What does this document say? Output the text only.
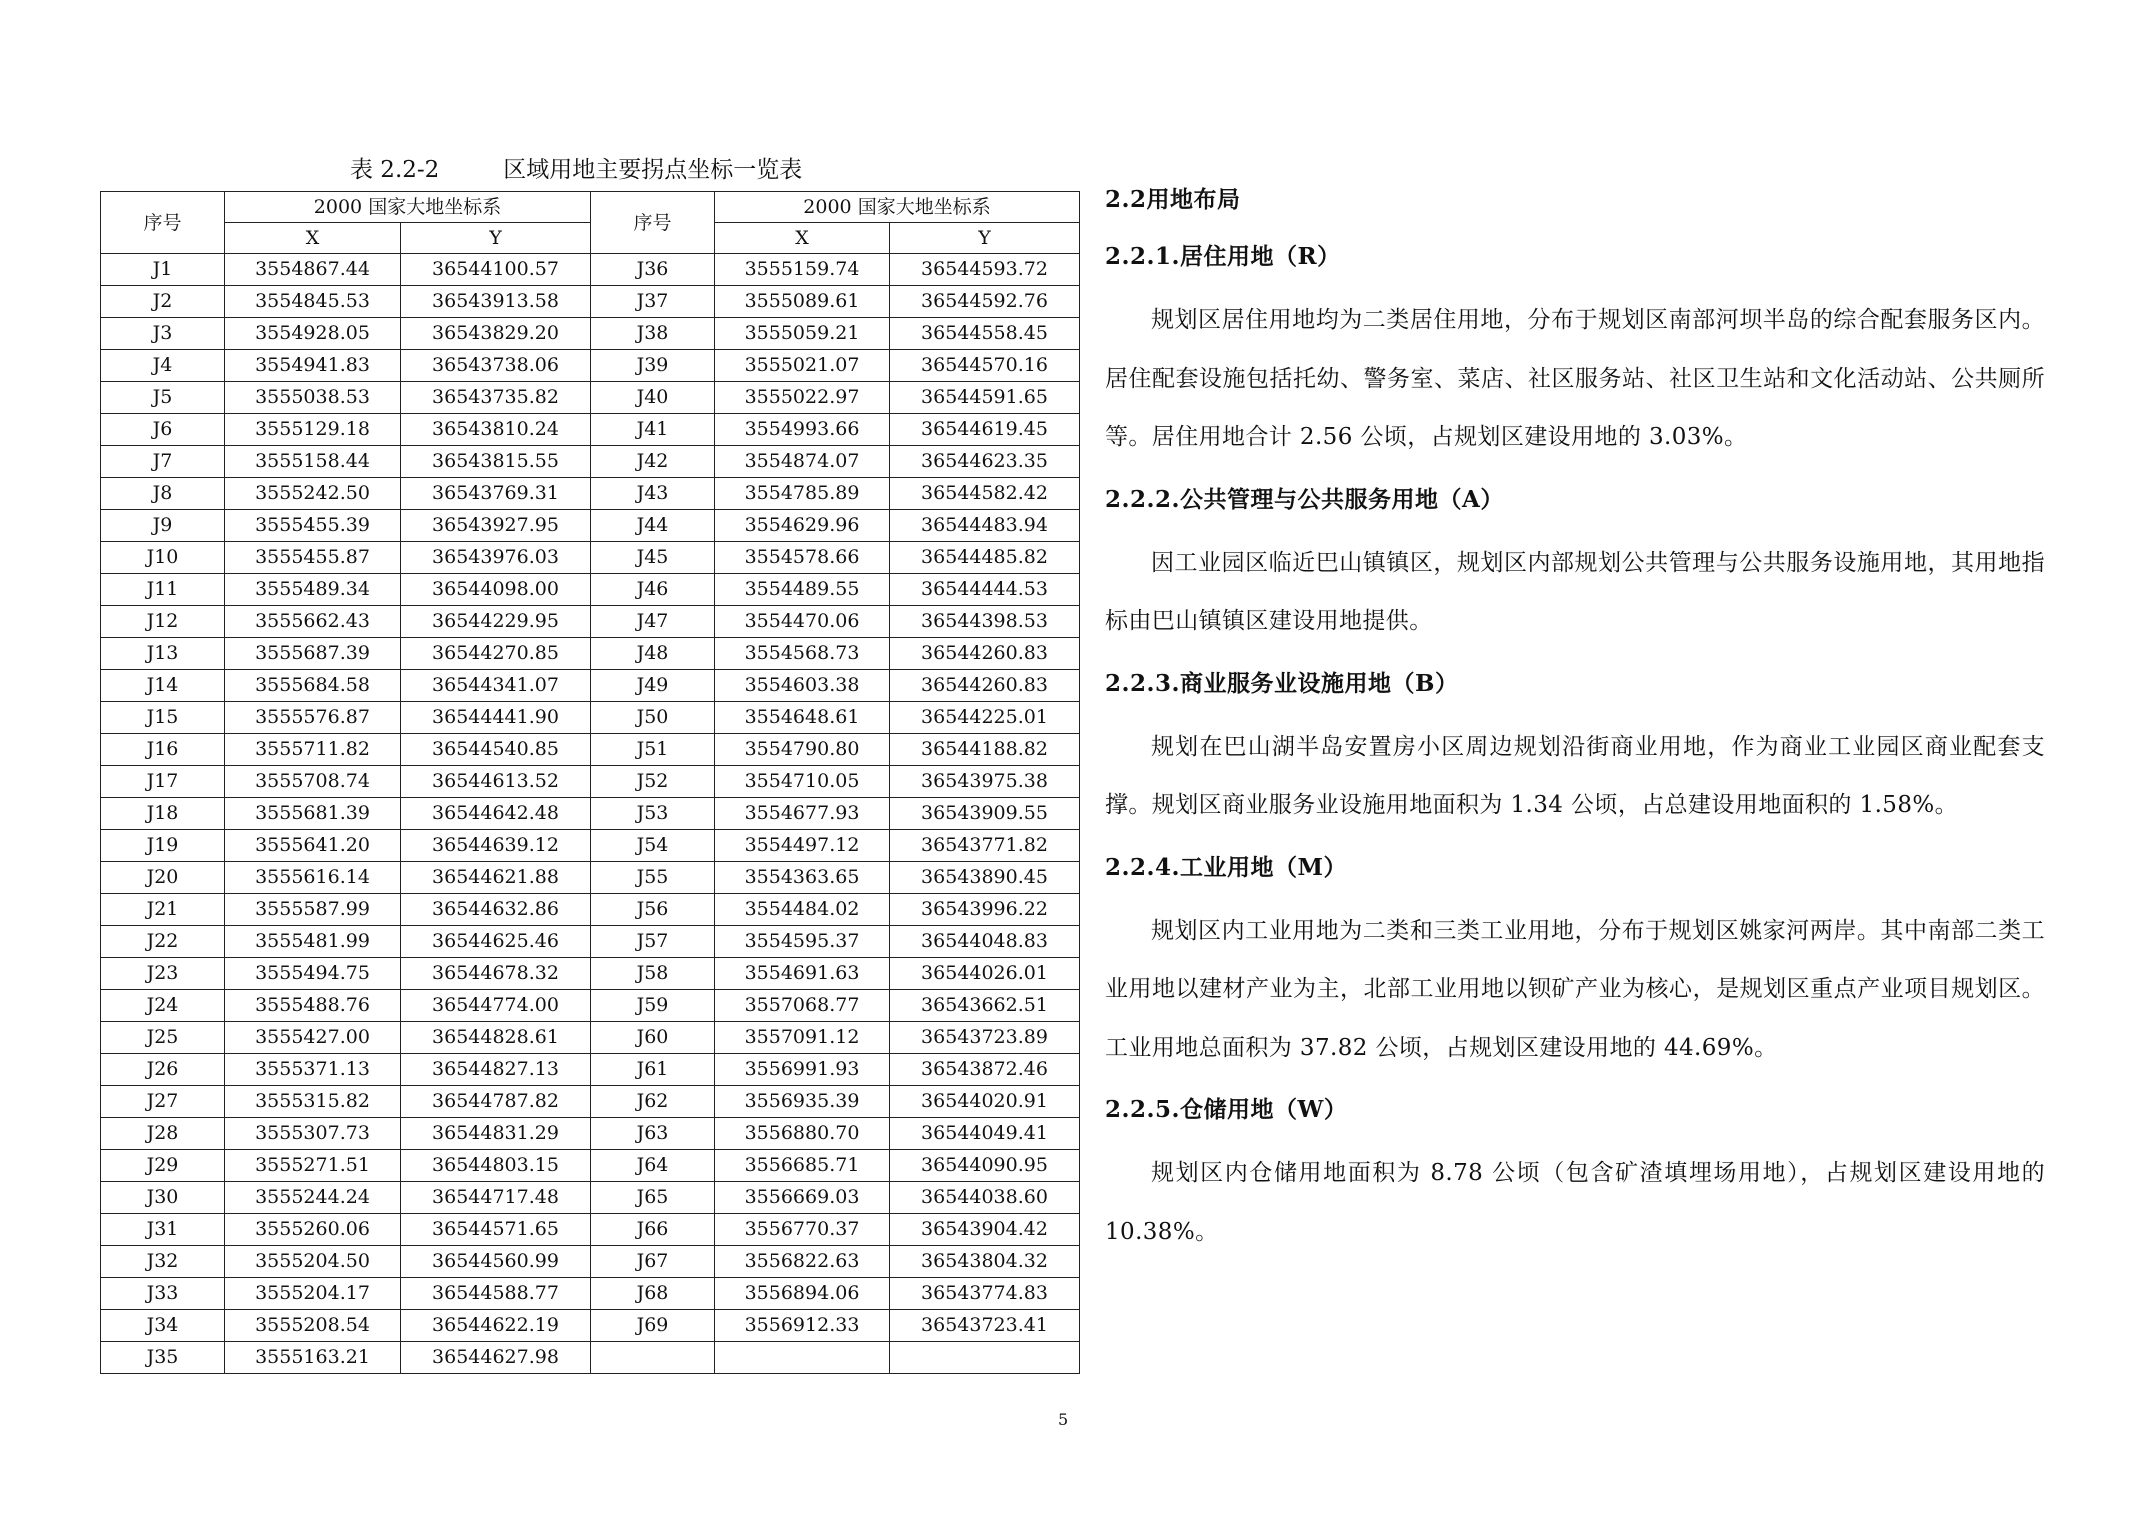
表 2.2-2	区域用地主要拐点坐标一览表
序号	2000 国家大地坐标系		序号	2000 国家大地坐标系	
	X	Y		X	Y
J1	3554867.44	36544100.57	J36	3555159.74	36544593.72
J2	3554845.53	36543913.58	J37	3555089.61	36544592.76
J3	3554928.05	36543829.20	J38	3555059.21	36544558.45
J4	3554941.83	36543738.06	J39	3555021.07	36544570.16
J5	3555038.53	36543735.82	J40	3555022.97	36544591.65
J6	3555129.18	36543810.24	J41	3554993.66	36544619.45
J7	3555158.44	36543815.55	J42	3554874.07	36544623.35
J8	3555242.50	36543769.31	J43	3554785.89	36544582.42
J9	3555455.39	36543927.95	J44	3554629.96	36544483.94
J10	3555455.87	36543976.03	J45	3554578.66	36544485.82
J11	3555489.34	36544098.00	J46	3554489.55	36544444.53
J12	3555662.43	36544229.95	J47	3554470.06	36544398.53
J13	3555687.39	36544270.85	J48	3554568.73	36544260.83
J14	3555684.58	36544341.07	J49	3554603.38	36544260.83
J15	3555576.87	36544441.90	J50	3554648.61	36544225.01
J16	3555711.82	36544540.85	J51	3554790.80	36544188.82
J17	3555708.74	36544613.52	J52	3554710.05	36543975.38
J18	3555681.39	36544642.48	J53	3554677.93	36543909.55
J19	3555641.20	36544639.12	J54	3554497.12	36543771.82
J20	3555616.14	36544621.88	J55	3554363.65	36543890.45
J21	3555587.99	36544632.86	J56	3554484.02	36543996.22
J22	3555481.99	36544625.46	J57	3554595.37	36544048.83
J23	3555494.75	36544678.32	J58	3554691.63	36544026.01
J24	3555488.76	36544774.00	J59	3557068.77	36543662.51
J25	3555427.00	36544828.61	J60	3557091.12	36543723.89
J26	3555371.13	36544827.13	J61	3556991.93	36543872.46
J27	3555315.82	36544787.82	J62	3556935.39	36544020.91
J28	3555307.73	36544831.29	J63	3556880.70	36544049.41
J29	3555271.51	36544803.15	J64	3556685.71	36544090.95
J30	3555244.24	36544717.48	J65	3556669.03	36544038.60
J31	3555260.06	36544571.65	J66	3556770.37	36543904.42
J32	3555204.50	36544560.99	J67	3556822.63	36543804.32
J33	3555204.17	36544588.77	J68	3556894.06	36543774.83
J34	3555208.54	36544622.19	J69	3556912.33	36543723.41
J35	3555163.21	36544627.98			
2.2用地布局
2.2.1.居住用地（R）

规划区居住用地均为二类居住用地，分布于规划区南部河坝半岛的综合配套服务区内。居住配套设施包括托幼、警务室、菜店、社区服务站、社区卫生站和文化活动站、公共厕所等。居住用地合计 2.56 公顷，占规划区建设用地的 3.03%。

2.2.2.公共管理与公共服务用地（A）

因工业园区临近巴山镇镇区，规划区内部规划公共管理与公共服务设施用地，其用地指标由巴山镇镇区建设用地提供。

2.2.3.商业服务业设施用地（B）

规划在巴山湖半岛安置房小区周边规划沿街商业用地，作为商业工业园区商业配套支撑。规划区商业服务业设施用地面积为 1.34 公顷，占总建设用地面积的 1.58%。

2.2.4.工业用地（M）

规划区内工业用地为二类和三类工业用地，分布于规划区姚家河两岸。其中南部二类工业用地以建材产业为主，北部工业用地以钡矿产业为核心，是规划区重点产业项目规划区。工业用地总面积为 37.82 公顷，占规划区建设用地的 44.69%。

2.2.5.仓储用地（W）

规划区内仓储用地面积为 8.78 公顷（包含矿渣填埋场用地），占规划区建设用地的 10.38%。

5
